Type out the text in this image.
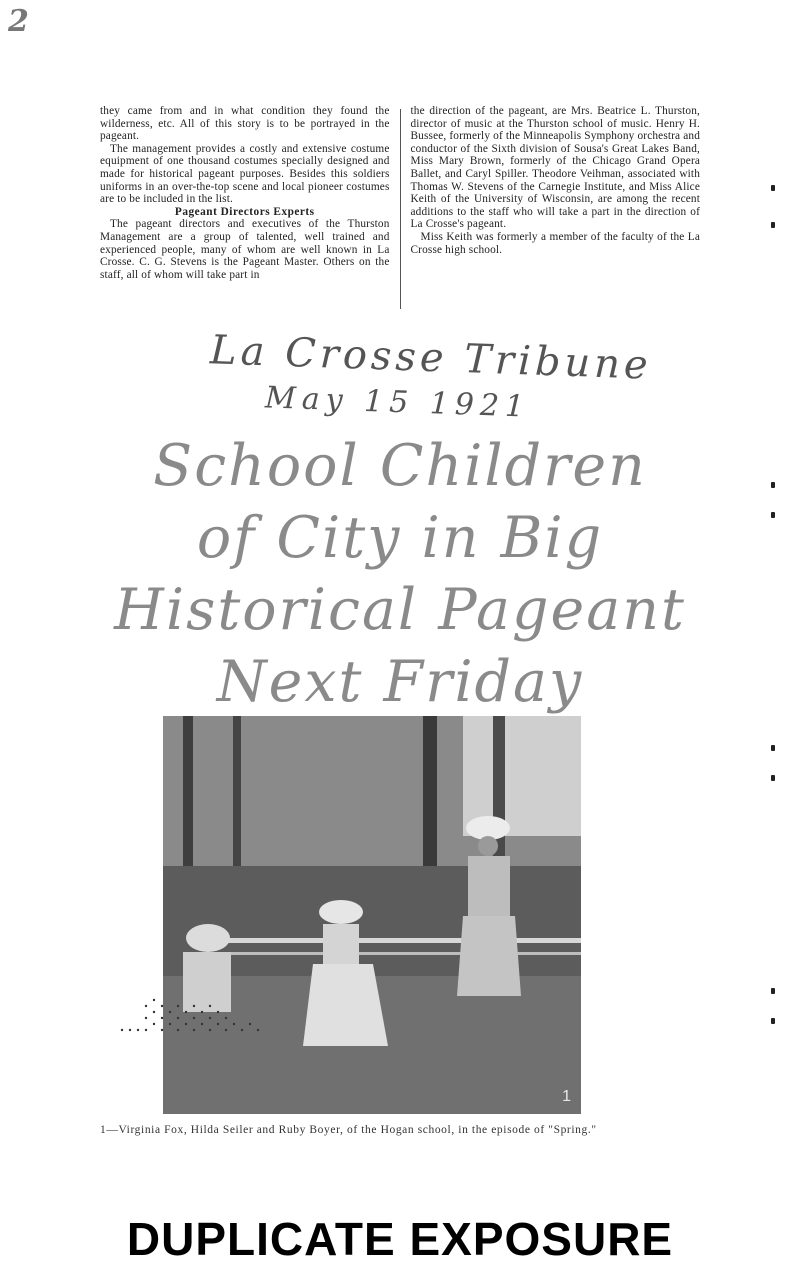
2

they came from and in what condition they found the wilderness, etc. All of this story is to be portrayed in the pageant.

The management provides a costly and extensive costume equipment of one thousand costumes specially designed and made for historical pageant purposes. Besides this soldiers uniforms in an over-the-top scene and local pioneer costumes are to be included in the list.

Pageant Directors Experts

The pageant directors and executives of the Thurston Management are a group of talented, well trained and experienced people, many of whom are well known in La Crosse. C. G. Stevens is the Pageant Master. Others on the staff, all of whom will take part in

the direction of the pageant, are Mrs. Beatrice L. Thurston, director of music at the Thurston school of music. Henry H. Bussee, formerly of the Minneapolis Symphony orchestra and conductor of the Sixth division of Sousa's Great Lakes Band, Miss Mary Brown, formerly of the Chicago Grand Opera Ballet, and Caryl Spiller. Theodore Veihman, associated with Thomas W. Stevens of the Carnegie Institute, and Miss Alice Keith of the University of Wisconsin, are among the recent additions to the staff who will take a part in the direction of La Crosse's pageant.

Miss Keith was formerly a member of the faculty of the La Crosse high school.

La Crosse Tribune
May 15 1921
School Children
of City in Big
Historical Pageant
Next Friday
1

1—Virginia Fox, Hilda Seiler and Ruby Boyer, of the Hogan school, in the episode of "Spring."

DUPLICATE EXPOSURE
